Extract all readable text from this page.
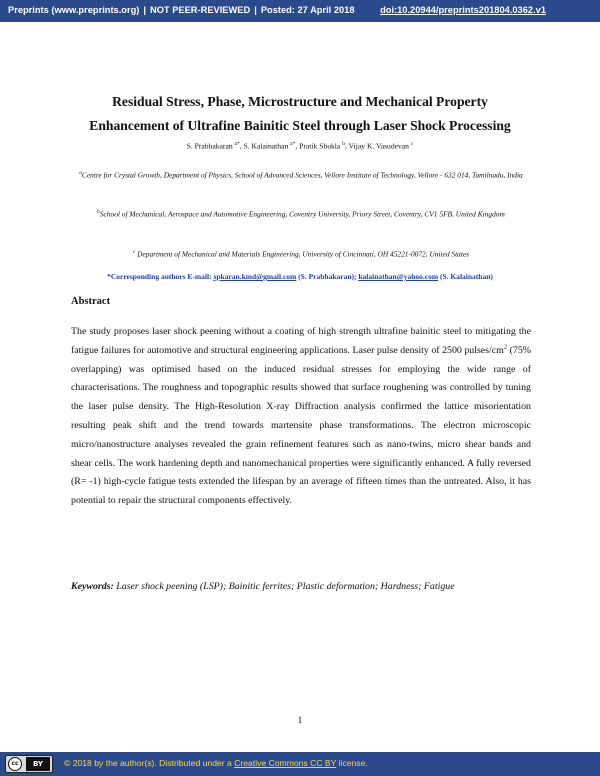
Preprints (www.preprints.org) | NOT PEER-REVIEWED | Posted: 27 April 2018	doi:10.20944/preprints201804.0362.v1
Residual Stress, Phase, Microstructure and Mechanical Property
Enhancement of Ultrafine Bainitic Steel through Laser Shock Processing
S. Prabhakaran $^{a*}$, S. Kalainathan $^{a*}$, Pratik Shukla $^b$, Vijay K. Vasudevan $^c$
$^a$Centre for Crystal Growth, Department of Physics, School of Advanced Sciences, Vellore Institute of Technology, Vellore - 632 014, Tamilnadu, India
$^b$School of Mechanical, Aerospace and Automotive Engineering, Coventry University, Priory Street, Coventry, CV1 5FB, United Kingdom
$^c$ Department of Mechanical and Materials Engineering, University of Cincinnati, OH 45221-0072, United States
*Corresponding authors E-mail: spkaran.kmd@gmail.com (S. Prabhakaran); kalainathan@yahoo.com (S. Kalainathan)
Abstract
The study proposes laser shock peening without a coating of high strength ultrafine bainitic steel to mitigating the fatigue failures for automotive and structural engineering applications. Laser pulse density of 2500 pulses/$cm^2$ (75% overlapping) was optimised based on the induced residual stresses for employing the wide range of characterisations. The roughness and topographic results showed that surface roughening was controlled by tuning the laser pulse density. The High-Resolution X-ray Diffraction analysis confirmed the lattice misorientation resulting peak shift and the trend towards martensite phase transformations. The electron microscopic micro/nanostructure analyses revealed the grain refinement features such as nano-twins, micro shear bands and shear cells. The work hardening depth and nanomechanical properties were significantly enhanced. A fully reversed (R= -1) high-cycle fatigue tests extended the lifespan by an average of fifteen times than the untreated. Also, it has potential to repair the structural components effectively.
Keywords: Laser shock peening (LSP); Bainitic ferrites; Plastic deformation; Hardness; Fatigue
1
cc	BY	© 2018 by the author(s). Distributed under a Creative Commons CC BY license.
